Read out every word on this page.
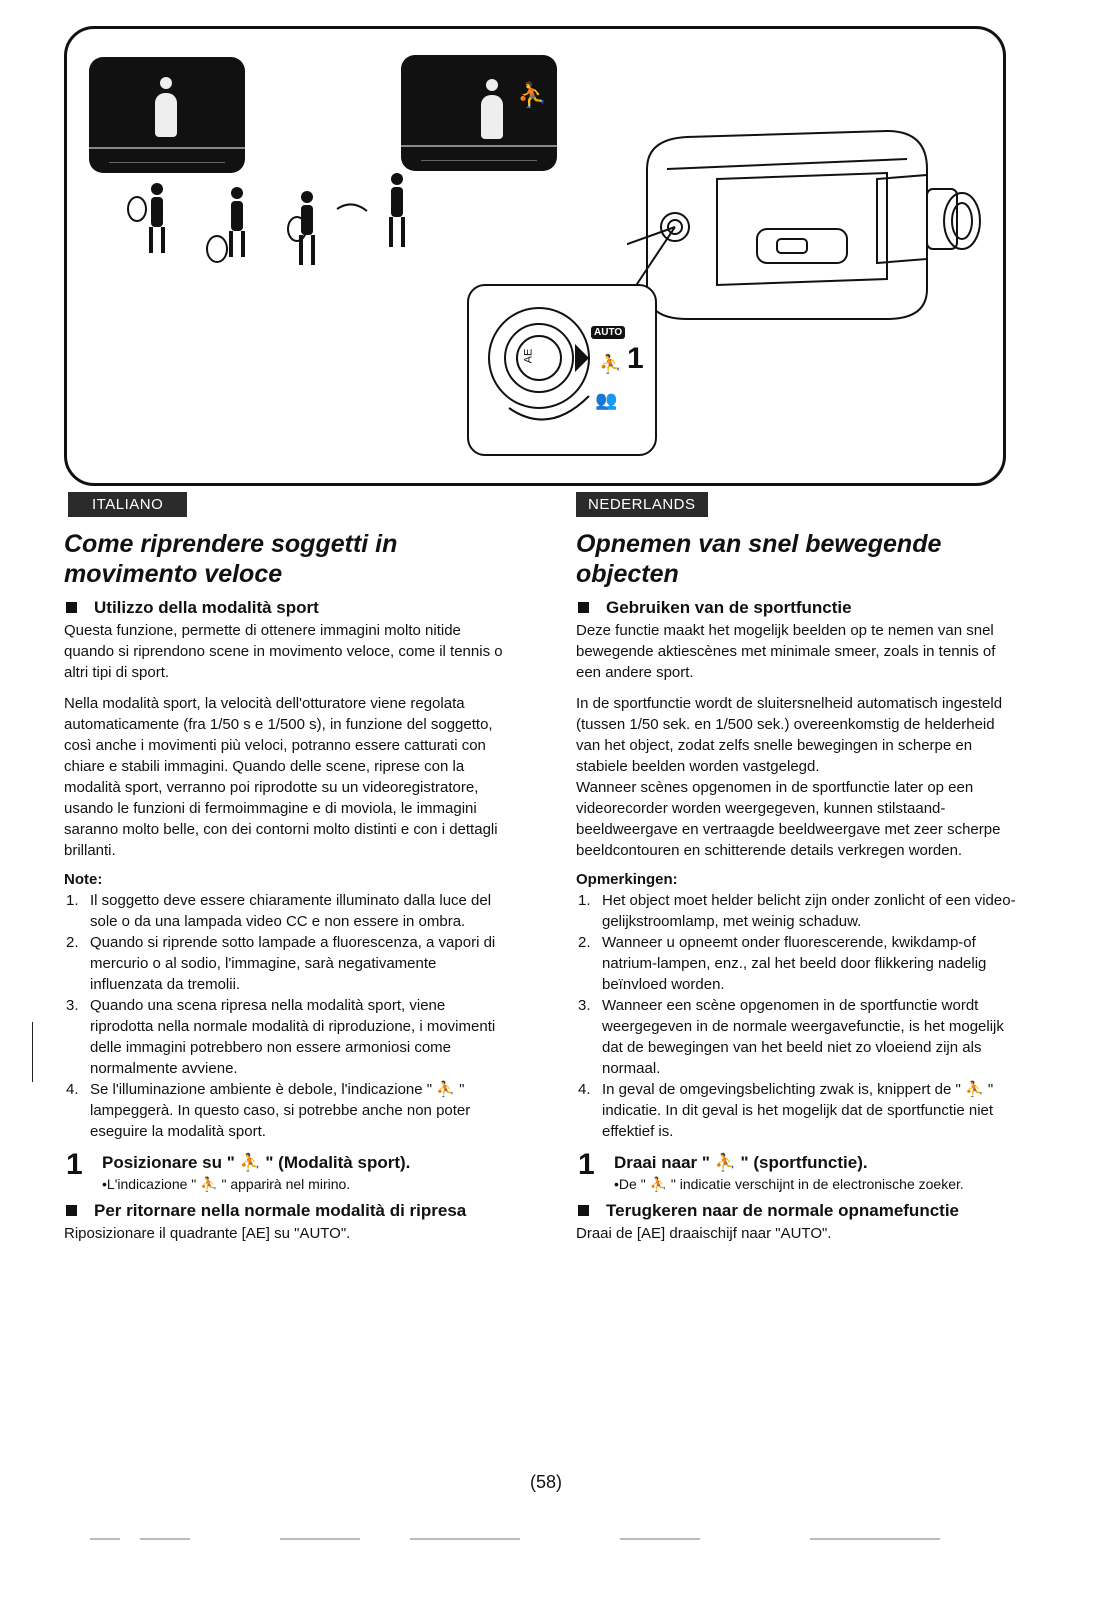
⛹
AE
AUTO
⛹ 1
👥
ITALIANO
Come riprendere soggetti in movimento veloce
Utilizzo della modalità sport

Questa funzione, permette di ottenere immagini molto nitide quando si riprendono scene in movimento veloce, come il tennis o altri tipi di sport.

Nella modalità sport, la velocità dell'otturatore viene regolata automaticamente (fra 1/50 s e 1/500 s), in funzione del soggetto, così anche i movimenti più veloci, potranno essere catturati con chiare e stabili immagini. Quando delle scene, riprese con la modalità sport, verranno poi riprodotte su un videoregistratore, usando le funzioni di fermoimmagine e di moviola, le immagini saranno molto belle, con dei contorni molto distinti e con i dettagli brillanti.

Note:
1. Il soggetto deve essere chiaramente illuminato dalla luce del sole o da una lampada video CC e non essere in ombra.
2. Quando si riprende sotto lampade a fluorescenza, a vapori di mercurio o al sodio, l'immagine, sarà negativamente influenzata da tremolii.
3. Quando una scena ripresa nella modalità sport, viene riprodotta nella normale modalità di riproduzione, i movimenti delle immagini potrebbero non essere armoniosi come normalmente avviene.
4. Se l'illuminazione ambiente è debole, l'indicazione " ⛹ " lampeggerà. In questo caso, si potrebbe anche non poter eseguire la modalità sport.
1 Posizionare su " ⛹ " (Modalità sport).
•L'indicazione " ⛹ " apparirà nel mirino.
Per ritornare nella normale modalità di ripresa

Riposizionare il quadrante [AE] su "AUTO".

NEDERLANDS
Opnemen van snel bewegende objecten
Gebruiken van de sportfunctie

Deze functie maakt het mogelijk beelden op te nemen van snel bewegende aktiescènes met minimale smeer, zoals in tennis of een andere sport.

In de sportfunctie wordt de sluitersnelheid automatisch ingesteld (tussen 1/50 sek. en 1/500 sek.) overeenkomstig de helderheid van het object, zodat zelfs snelle bewegingen in scherpe en stabiele beelden worden vastgelegd.

Wanneer scènes opgenomen in de sportfunctie later op een videorecorder worden weergegeven, kunnen stilstaand-beeldweergave en vertraagde beeldweergave met zeer scherpe beeldcontouren en schitterende details verkregen worden.

Opmerkingen:
1. Het object moet helder belicht zijn onder zonlicht of een video-gelijkstroomlamp, met weinig schaduw.
2. Wanneer u opneemt onder fluorescerende, kwikdamp-of natrium-lampen, enz., zal het beeld door flikkering nadelig beïnvloed worden.
3. Wanneer een scène opgenomen in de sportfunctie wordt weergegeven in de normale weergavefunctie, is het mogelijk dat de bewegingen van het beeld niet zo vloeiend zijn als normaal.
4. In geval de omgevingsbelichting zwak is, knippert de " ⛹ " indicatie. In dit geval is het mogelijk dat de sportfunctie niet effektief is.
1 Draai naar " ⛹ " (sportfunctie).
•De " ⛹ " indicatie verschijnt in de electronische zoeker.
Terugkeren naar de normale opnamefunctie

Draai de [AE] draaischijf naar "AUTO".

(58)
